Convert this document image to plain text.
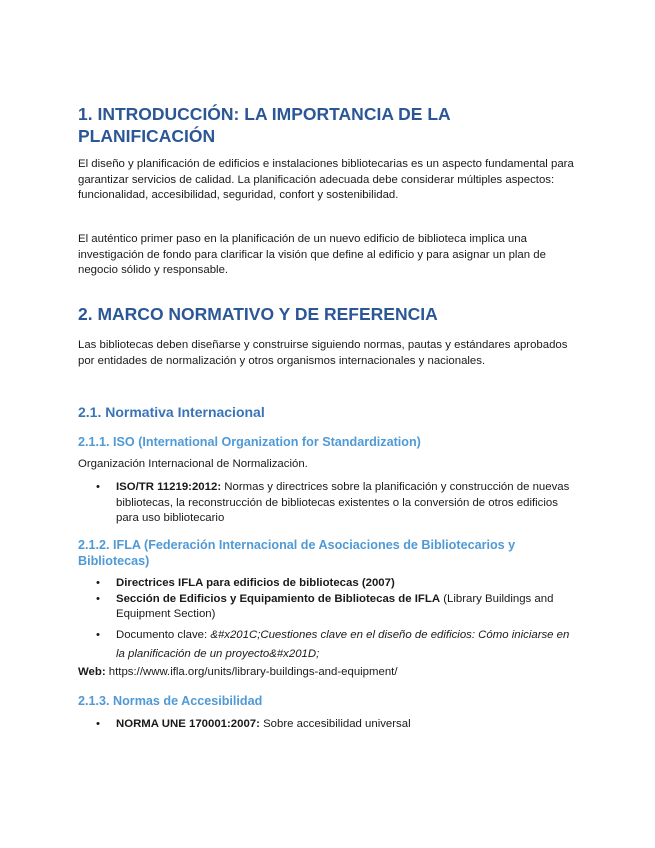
1. INTRODUCCIÓN: LA IMPORTANCIA DE LA PLANIFICACIÓN

El diseño y planificación de edificios e instalaciones bibliotecarias es un aspecto fundamental para garantizar servicios de calidad. La planificación adecuada debe considerar múltiples aspectos: funcionalidad, accesibilidad, seguridad, confort y sostenibilidad.

El auténtico primer paso en la planificación de un nuevo edificio de biblioteca implica una investigación de fondo para clarificar la visión que define al edificio y para asignar un plan de negocio sólido y responsable.

2. MARCO NORMATIVO Y DE REFERENCIA

Las bibliotecas deben diseñarse y construirse siguiendo normas, pautas y estándares aprobados por entidades de normalización y otros organismos internacionales y nacionales.

2.1. Normativa Internacional
2.1.1. ISO (International Organization for Standardization)

Organización Internacional de Normalización.

• ISO/TR 11219:2012: Normas y directrices sobre la planificación y construcción de nuevas bibliotecas, la reconstrucción de bibliotecas existentes o la conversión de otros edificios para uso bibliotecario
2.1.2. IFLA (Federación Internacional de Asociaciones de Bibliotecarios y Bibliotecas)
• Directrices IFLA para edificios de bibliotecas (2007)
• Sección de Edificios y Equipamiento de Bibliotecas de IFLA (Library Buildings and Equipment Section)
• Documento clave: &#x201C;Cuestiones clave en el diseño de edificios: Cómo iniciarse en la planificación de un proyecto&#x201D;

Web: https://www.ifla.org/units/library-buildings-and-equipment/

2.1.3. Normas de Accesibilidad
• NORMA UNE 170001:2007: Sobre accesibilidad universal
